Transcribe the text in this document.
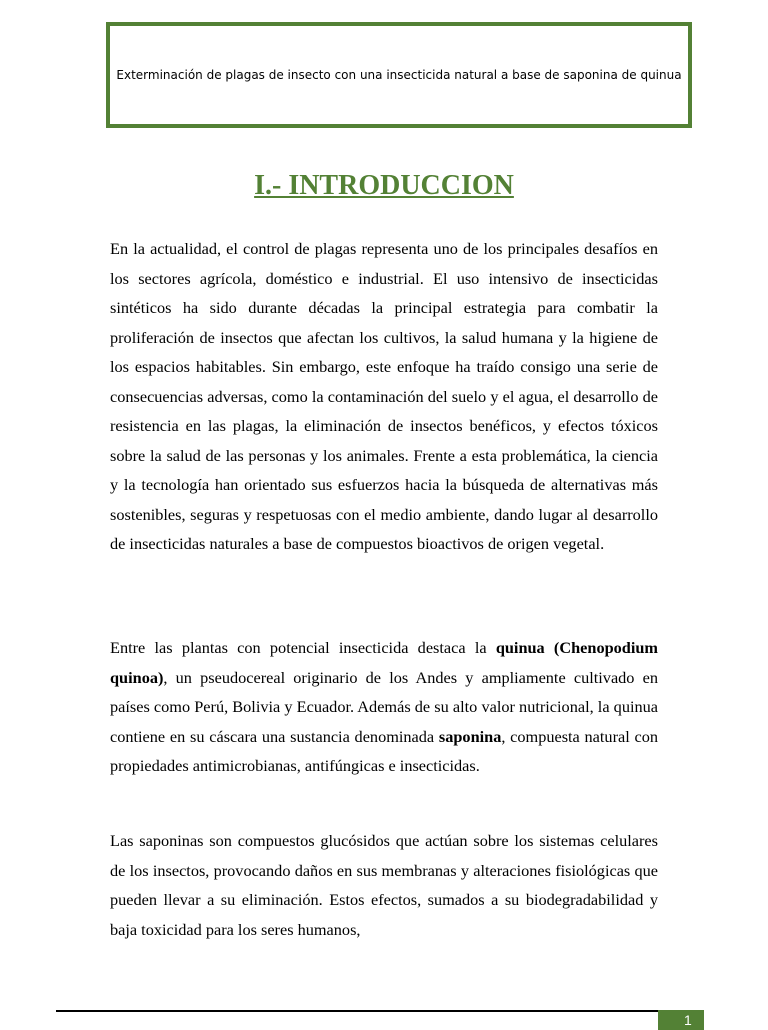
Exterminación de plagas de insecto con una insecticida natural a base de saponina de quinua
I.- INTRODUCCION

En la actualidad, el control de plagas representa uno de los principales desafíos en los sectores agrícola, doméstico e industrial. El uso intensivo de insecticidas sintéticos ha sido durante décadas la principal estrategia para combatir la proliferación de insectos que afectan los cultivos, la salud humana y la higiene de los espacios habitables. Sin embargo, este enfoque ha traído consigo una serie de consecuencias adversas, como la contaminación del suelo y el agua, el desarrollo de resistencia en las plagas, la eliminación de insectos benéficos, y efectos tóxicos sobre la salud de las personas y los animales. Frente a esta problemática, la ciencia y la tecnología han orientado sus esfuerzos hacia la búsqueda de alternativas más sostenibles, seguras y respetuosas con el medio ambiente, dando lugar al desarrollo de insecticidas naturales a base de compuestos bioactivos de origen vegetal.

Entre las plantas con potencial insecticida destaca la quinua (Chenopodium quinoa), un pseudocereal originario de los Andes y ampliamente cultivado en países como Perú, Bolivia y Ecuador. Además de su alto valor nutricional, la quinua contiene en su cáscara una sustancia denominada saponina, compuesta natural con propiedades antimicrobianas, antifúngicas e insecticidas.

Las saponinas son compuestos glucósidos que actúan sobre los sistemas celulares de los insectos, provocando daños en sus membranas y alteraciones fisiológicas que pueden llevar a su eliminación. Estos efectos, sumados a su biodegradabilidad y baja toxicidad para los seres humanos,

1
